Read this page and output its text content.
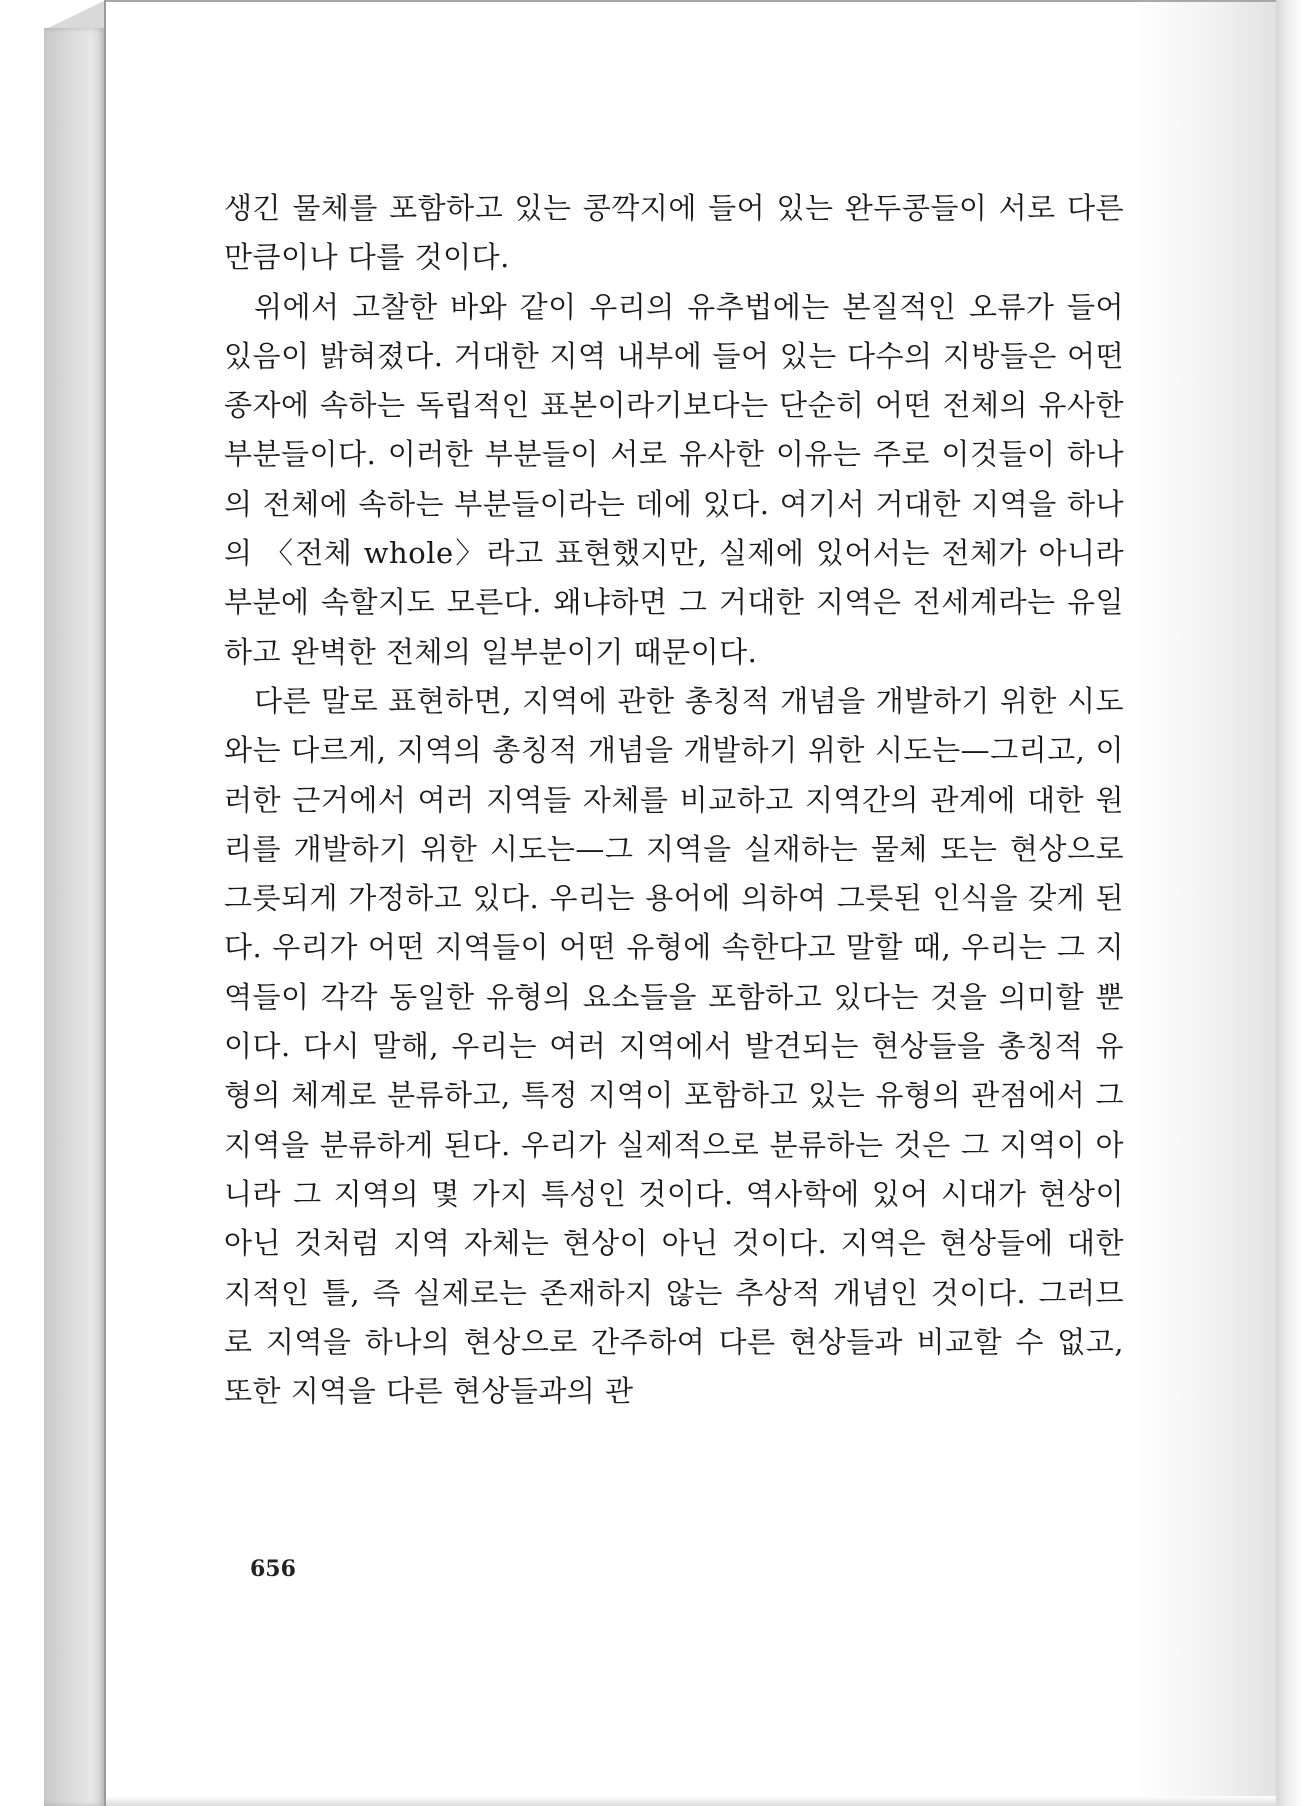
생긴 물체를 포함하고 있는 콩깍지에 들어 있는 완두콩들이 서로 다른 만큼이나 다를 것이다.

위에서 고찰한 바와 같이 우리의 유추법에는 본질적인 오류가 들어 있음이 밝혀졌다. 거대한 지역 내부에 들어 있는 다수의 지방들은 어떤 종자에 속하는 독립적인 표본이라기보다는 단순히 어떤 전체의 유사한 부분들이다. 이러한 부분들이 서로 유사한 이유는 주로 이것들이 하나의 전체에 속하는 부분들이라는 데에 있다. 여기서 거대한 지역을 하나의 〈전체 whole〉라고 표현했지만, 실제에 있어서는 전체가 아니라 부분에 속할지도 모른다. 왜냐하면 그 거대한 지역은 전세계라는 유일하고 완벽한 전체의 일부분이기 때문이다.

다른 말로 표현하면, 지역에 관한 총칭적 개념을 개발하기 위한 시도와는 다르게, 지역의 총칭적 개념을 개발하기 위한 시도는—그리고, 이러한 근거에서 여러 지역들 자체를 비교하고 지역간의 관계에 대한 원리를 개발하기 위한 시도는—그 지역을 실재하는 물체 또는 현상으로 그릇되게 가정하고 있다. 우리는 용어에 의하여 그릇된 인식을 갖게 된다. 우리가 어떤 지역들이 어떤 유형에 속한다고 말할 때, 우리는 그 지역들이 각각 동일한 유형의 요소들을 포함하고 있다는 것을 의미할 뿐이다. 다시 말해, 우리는 여러 지역에서 발견되는 현상들을 총칭적 유형의 체계로 분류하고, 특정 지역이 포함하고 있는 유형의 관점에서 그 지역을 분류하게 된다. 우리가 실제적으로 분류하는 것은 그 지역이 아니라 그 지역의 몇 가지 특성인 것이다. 역사학에 있어 시대가 현상이 아닌 것처럼 지역 자체는 현상이 아닌 것이다. 지역은 현상들에 대한 지적인 틀, 즉 실제로는 존재하지 않는 추상적 개념인 것이다. 그러므로 지역을 하나의 현상으로 간주하여 다른 현상들과 비교할 수 없고, 또한 지역을 다른 현상들과의 관

656
